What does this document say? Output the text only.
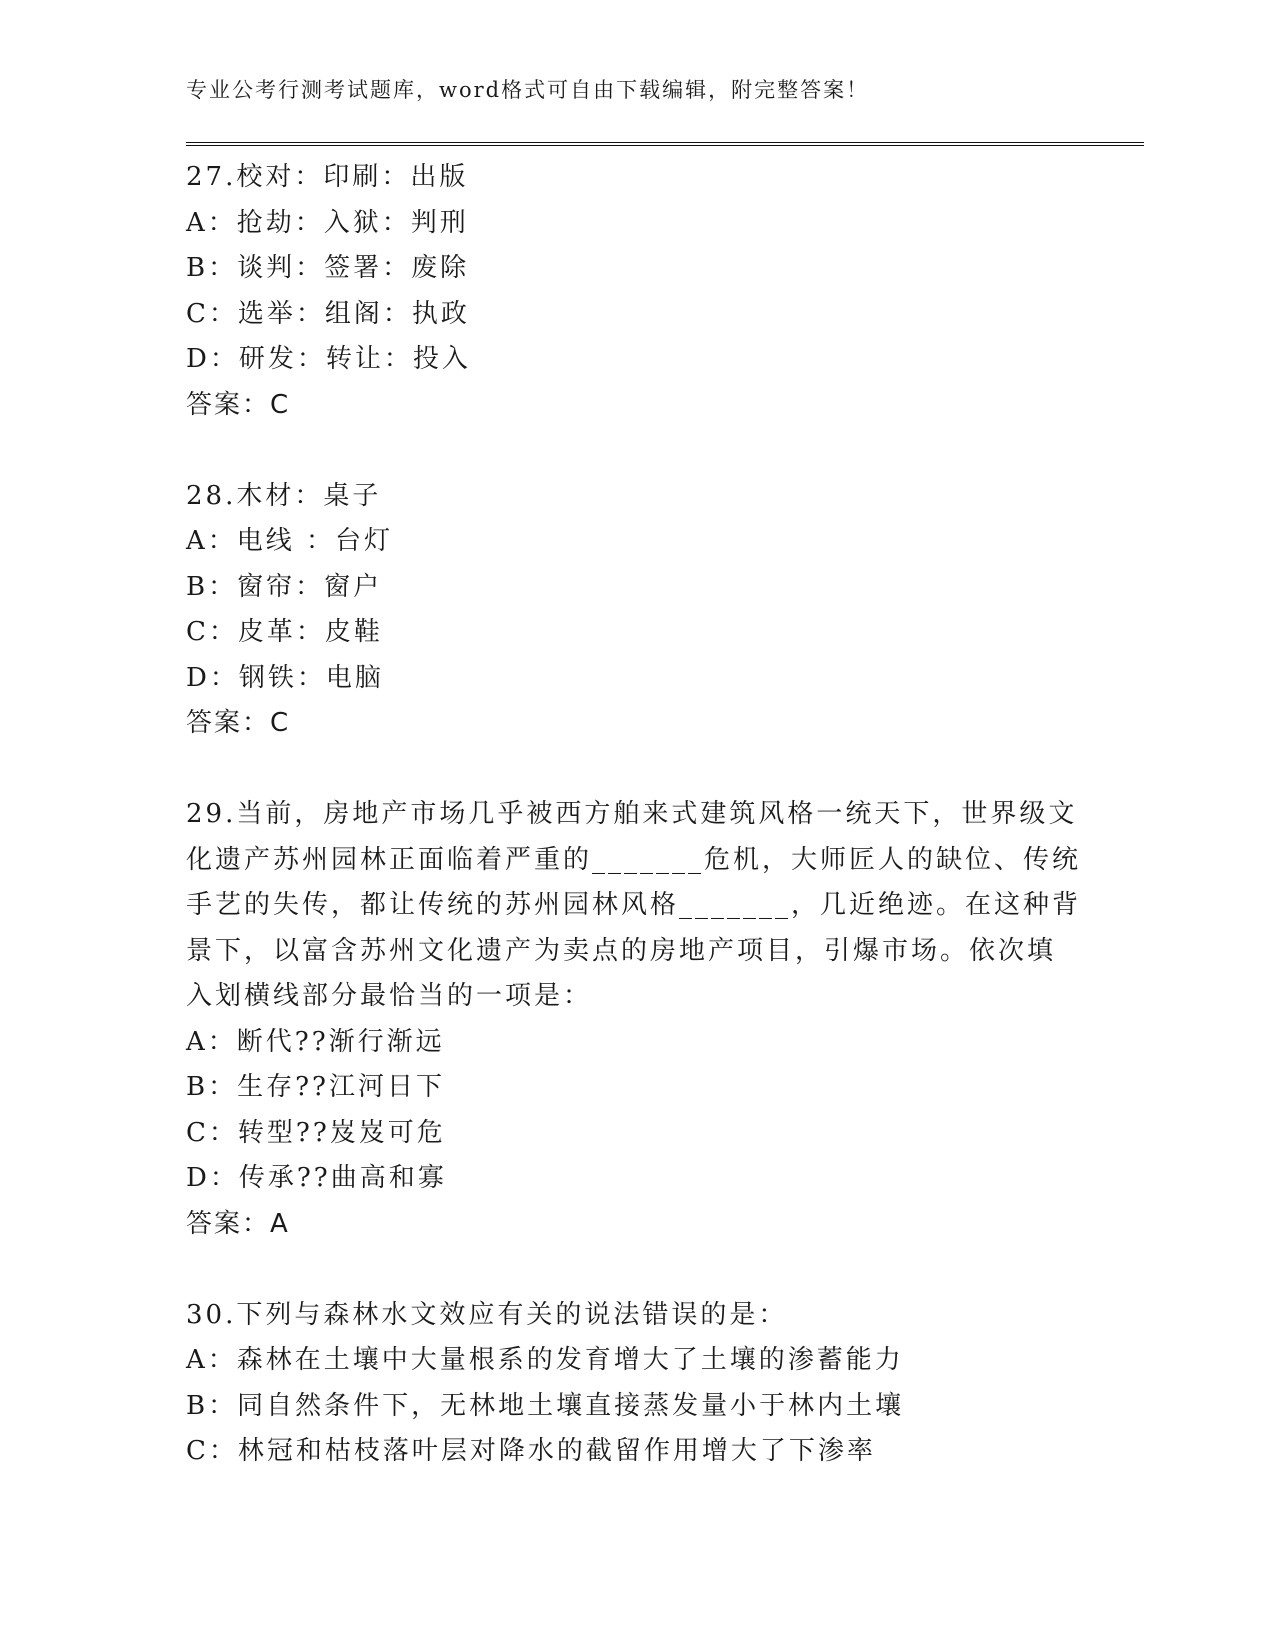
专业公考行测考试题库，word格式可自由下载编辑，附完整答案！
27.校对：印刷：出版
A：抢劫：入狱：判刑
B：谈判：签署：废除
C：选举：组阁：执政
D：研发：转让：投入
答案：C
28.木材：桌子
A：电线 ：台灯
B：窗帘：窗户
C：皮革：皮鞋
D：钢铁：电脑
答案：C
29.当前，房地产市场几乎被西方舶来式建筑风格一统天下，世界级文
化遗产苏州园林正面临着严重的_______危机，大师匠人的缺位、传统
手艺的失传，都让传统的苏州园林风格_______，几近绝迹。在这种背
景下，以富含苏州文化遗产为卖点的房地产项目，引爆市场。依次填
入划横线部分最恰当的一项是：
A：断代??渐行渐远
B：生存??江河日下
C：转型??岌岌可危
D：传承??曲高和寡
答案：A
30.下列与森林水文效应有关的说法错误的是：
A：森林在土壤中大量根系的发育增大了土壤的渗蓄能力
B：同自然条件下，无林地土壤直接蒸发量小于林内土壤
C：林冠和枯枝落叶层对降水的截留作用增大了下渗率
